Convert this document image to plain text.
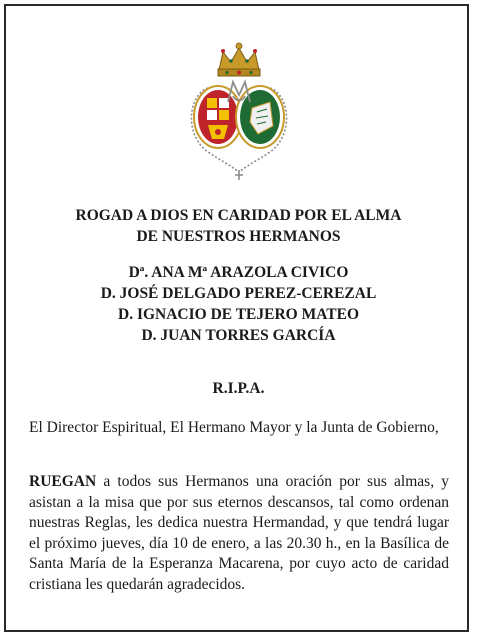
ROGAD A DIOS EN CARIDAD POR EL ALMA
DE NUESTROS HERMANOS
Dª. ANA Mª ARAZOLA CIVICO
D. JOSÉ DELGADO PEREZ-CEREZAL
D. IGNACIO DE TEJERO MATEO
D. JUAN TORRES GARCÍA
R.I.P.A.

El Director Espiritual, El Hermano Mayor y la Junta de Gobierno,

RUEGAN a todos sus Hermanos una oración por sus almas, y asistan a la misa que por sus eternos descansos, tal como ordenan nuestras Reglas, les dedica nuestra Hermandad, y que tendrá lugar el próximo jueves, día 10 de enero, a las 20.30 h., en la Basílica de Santa María de la Esperanza Macarena, por cuyo acto de caridad cristiana les quedarán agradecidos.
